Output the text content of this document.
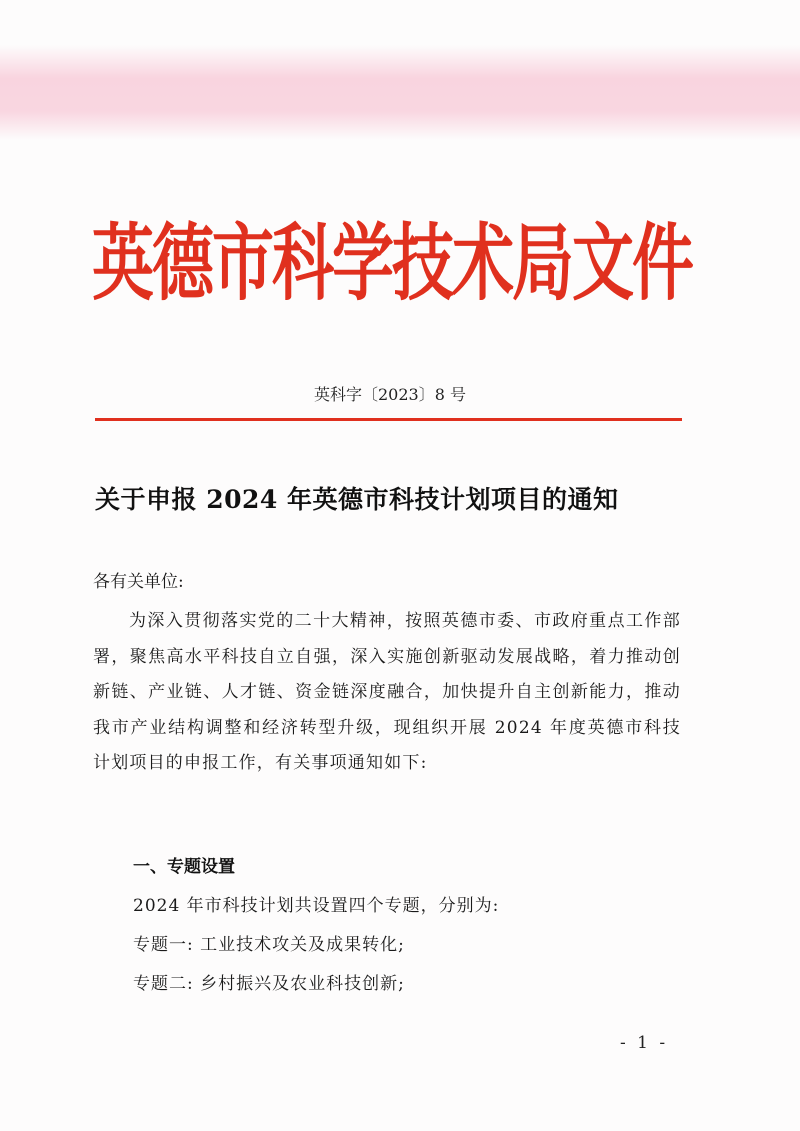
英德市科学技术局文件
英科字〔2023〕8 号
关于申报 2024 年英德市科技计划项目的通知
各有关单位:
为深入贯彻落实党的二十大精神，按照英德市委、市政府重点工作部署，聚焦高水平科技自立自强，深入实施创新驱动发展战略，着力推动创新链、产业链、人才链、资金链深度融合，加快提升自主创新能力，推动我市产业结构调整和经济转型升级，现组织开展 2024 年度英德市科技计划项目的申报工作，有关事项通知如下:
一、专题设置
2024 年市科技计划共设置四个专题，分别为:
专题一: 工业技术攻关及成果转化;
专题二: 乡村振兴及农业科技创新;
- 1 -
